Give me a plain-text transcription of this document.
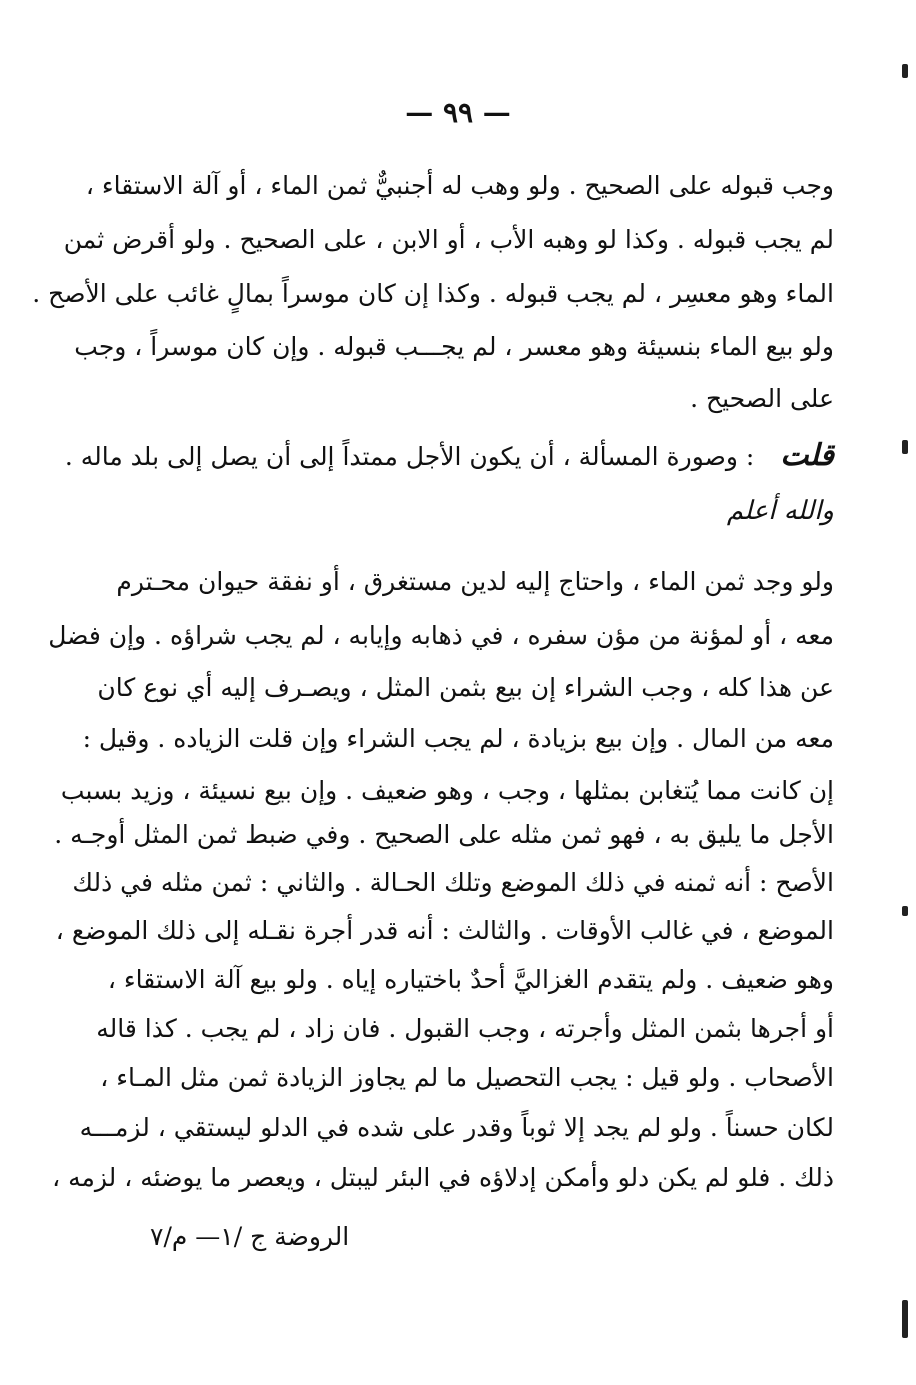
— ٩٩ —
وجب قبوله على الصحيح . ولو وهب له أجنبيٌّ ثمن الماء ، أو آلة الاستقاء ،
لم يجب قبوله . وكذا لو وهبه الأب ، أو الابن ، على الصحيح . ولو أقرض ثمن
الماء وهو معسِر ، لم يجب قبوله . وكذا إن كان موسراً بمالٍ غائب على الأصح .
ولو بيع الماء بنسيئة وهو معسر ، لم يجـــب قبوله . وإن كان موسراً ، وجب
على الصحيح .
قلت : وصورة المسألة ، أن يكون الأجل ممتداً إلى أن يصل إلى بلد ماله .
والله أعلم
ولو وجد ثمن الماء ، واحتاج إليه لدين مستغرق ، أو نفقة حيوان محـترم
معه ، أو لمؤنة من مؤن سفره ، في ذهابه وإيابه ، لم يجب شراؤه . وإن فضل
عن هذا كله ، وجب الشراء إن بيع بثمن المثل ، ويصـرف إليه أي نوع كان
معه من المال . وإن بيع بزيادة ، لم يجب الشراء وإن قلت الزياده . وقيل :
إن كانت مما يُتغابن بمثلها ، وجب ، وهو ضعيف . وإن بيع نسيئة ، وزيد بسبب
الأجل ما يليق به ، فهو ثمن مثله على الصحيح . وفي ضبط ثمن المثل أوجـه .
الأصح : أنه ثمنه في ذلك الموضع وتلك الحـالة . والثاني : ثمن مثله في ذلك
الموضع ، في غالب الأوقات . والثالث : أنه قدر أجرة نقـله إلى ذلك الموضع ،
وهو ضعيف . ولم يتقدم الغزاليَّ أحدٌ باختياره إياه . ولو بيع آلة الاستقاء ،
أو أجرها بثمن المثل وأجرته ، وجب القبول . فان زاد ، لم يجب . كذا قاله
الأصحاب . ولو قيل : يجب التحصيل ما لم يجاوز الزيادة ثمن مثل المـاء ،
لكان حسناً . ولو لم يجد إلا ثوباً وقدر على شده في الدلو ليستقي ، لزمـــه
ذلك . فلو لم يكن دلو وأمكن إدلاؤه في البئر ليبتل ، ويعصر ما يوضئه ، لزمه ،
الروضة ج /١— م/٧
